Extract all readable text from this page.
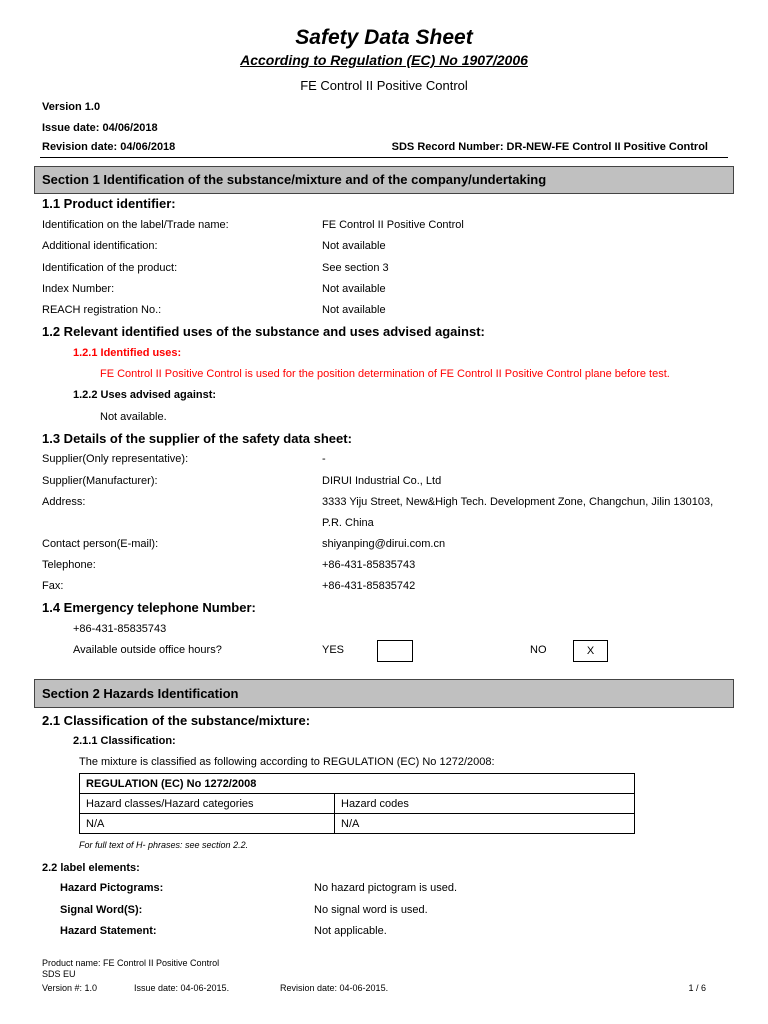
Safety Data Sheet
According to Regulation (EC) No 1907/2006
FE Control II Positive Control
Version 1.0
Issue date: 04/06/2018
Revision date: 04/06/2018	SDS Record Number: DR-NEW-FE Control II Positive Control
Section 1 Identification of the substance/mixture and of the company/undertaking
1.1 Product identifier:
Identification on the label/Trade name:	FE Control II Positive Control
Additional identification:	Not available
Identification of the product:	See section 3
Index Number:	Not available
REACH registration No.:	Not available
1.2 Relevant identified uses of the substance and uses advised against:
1.2.1 Identified uses:
FE Control II Positive Control is used for the position determination of FE Control II Positive Control plane before test.
1.2.2 Uses advised against:
Not available.
1.3 Details of the supplier of the safety data sheet:
Supplier(Only representative):	-
Supplier(Manufacturer):	DIRUI Industrial Co., Ltd
Address:	3333 Yiju Street, New&High Tech. Development Zone, Changchun, Jilin 130103,
P.R. China
Contact person(E-mail):	shiyanping@dirui.com.cn
Telephone:	+86-431-85835743
Fax:	+86-431-85835742
1.4 Emergency telephone Number:
+86-431-85835743
Available outside office hours?	YES	NO	X
Section 2 Hazards Identification
2.1 Classification of the substance/mixture:
2.1.1 Classification:
The mixture is classified as following according to REGULATION (EC) No 1272/2008:
REGULATION (EC) No 1272/2008	
Hazard classes/Hazard categories	Hazard codes
N/A	N/A
For full text of H- phrases: see section 2.2.
2.2 label elements:
Hazard Pictograms:	No hazard pictogram is used.
Signal Word(S):	No signal word is used.
Hazard Statement:	Not applicable.
Product name: FE Control II Positive Control
SDS EU
Version #: 1.0	Issue date: 04-06-2015.	Revision date: 04-06-2015.	1 / 6
